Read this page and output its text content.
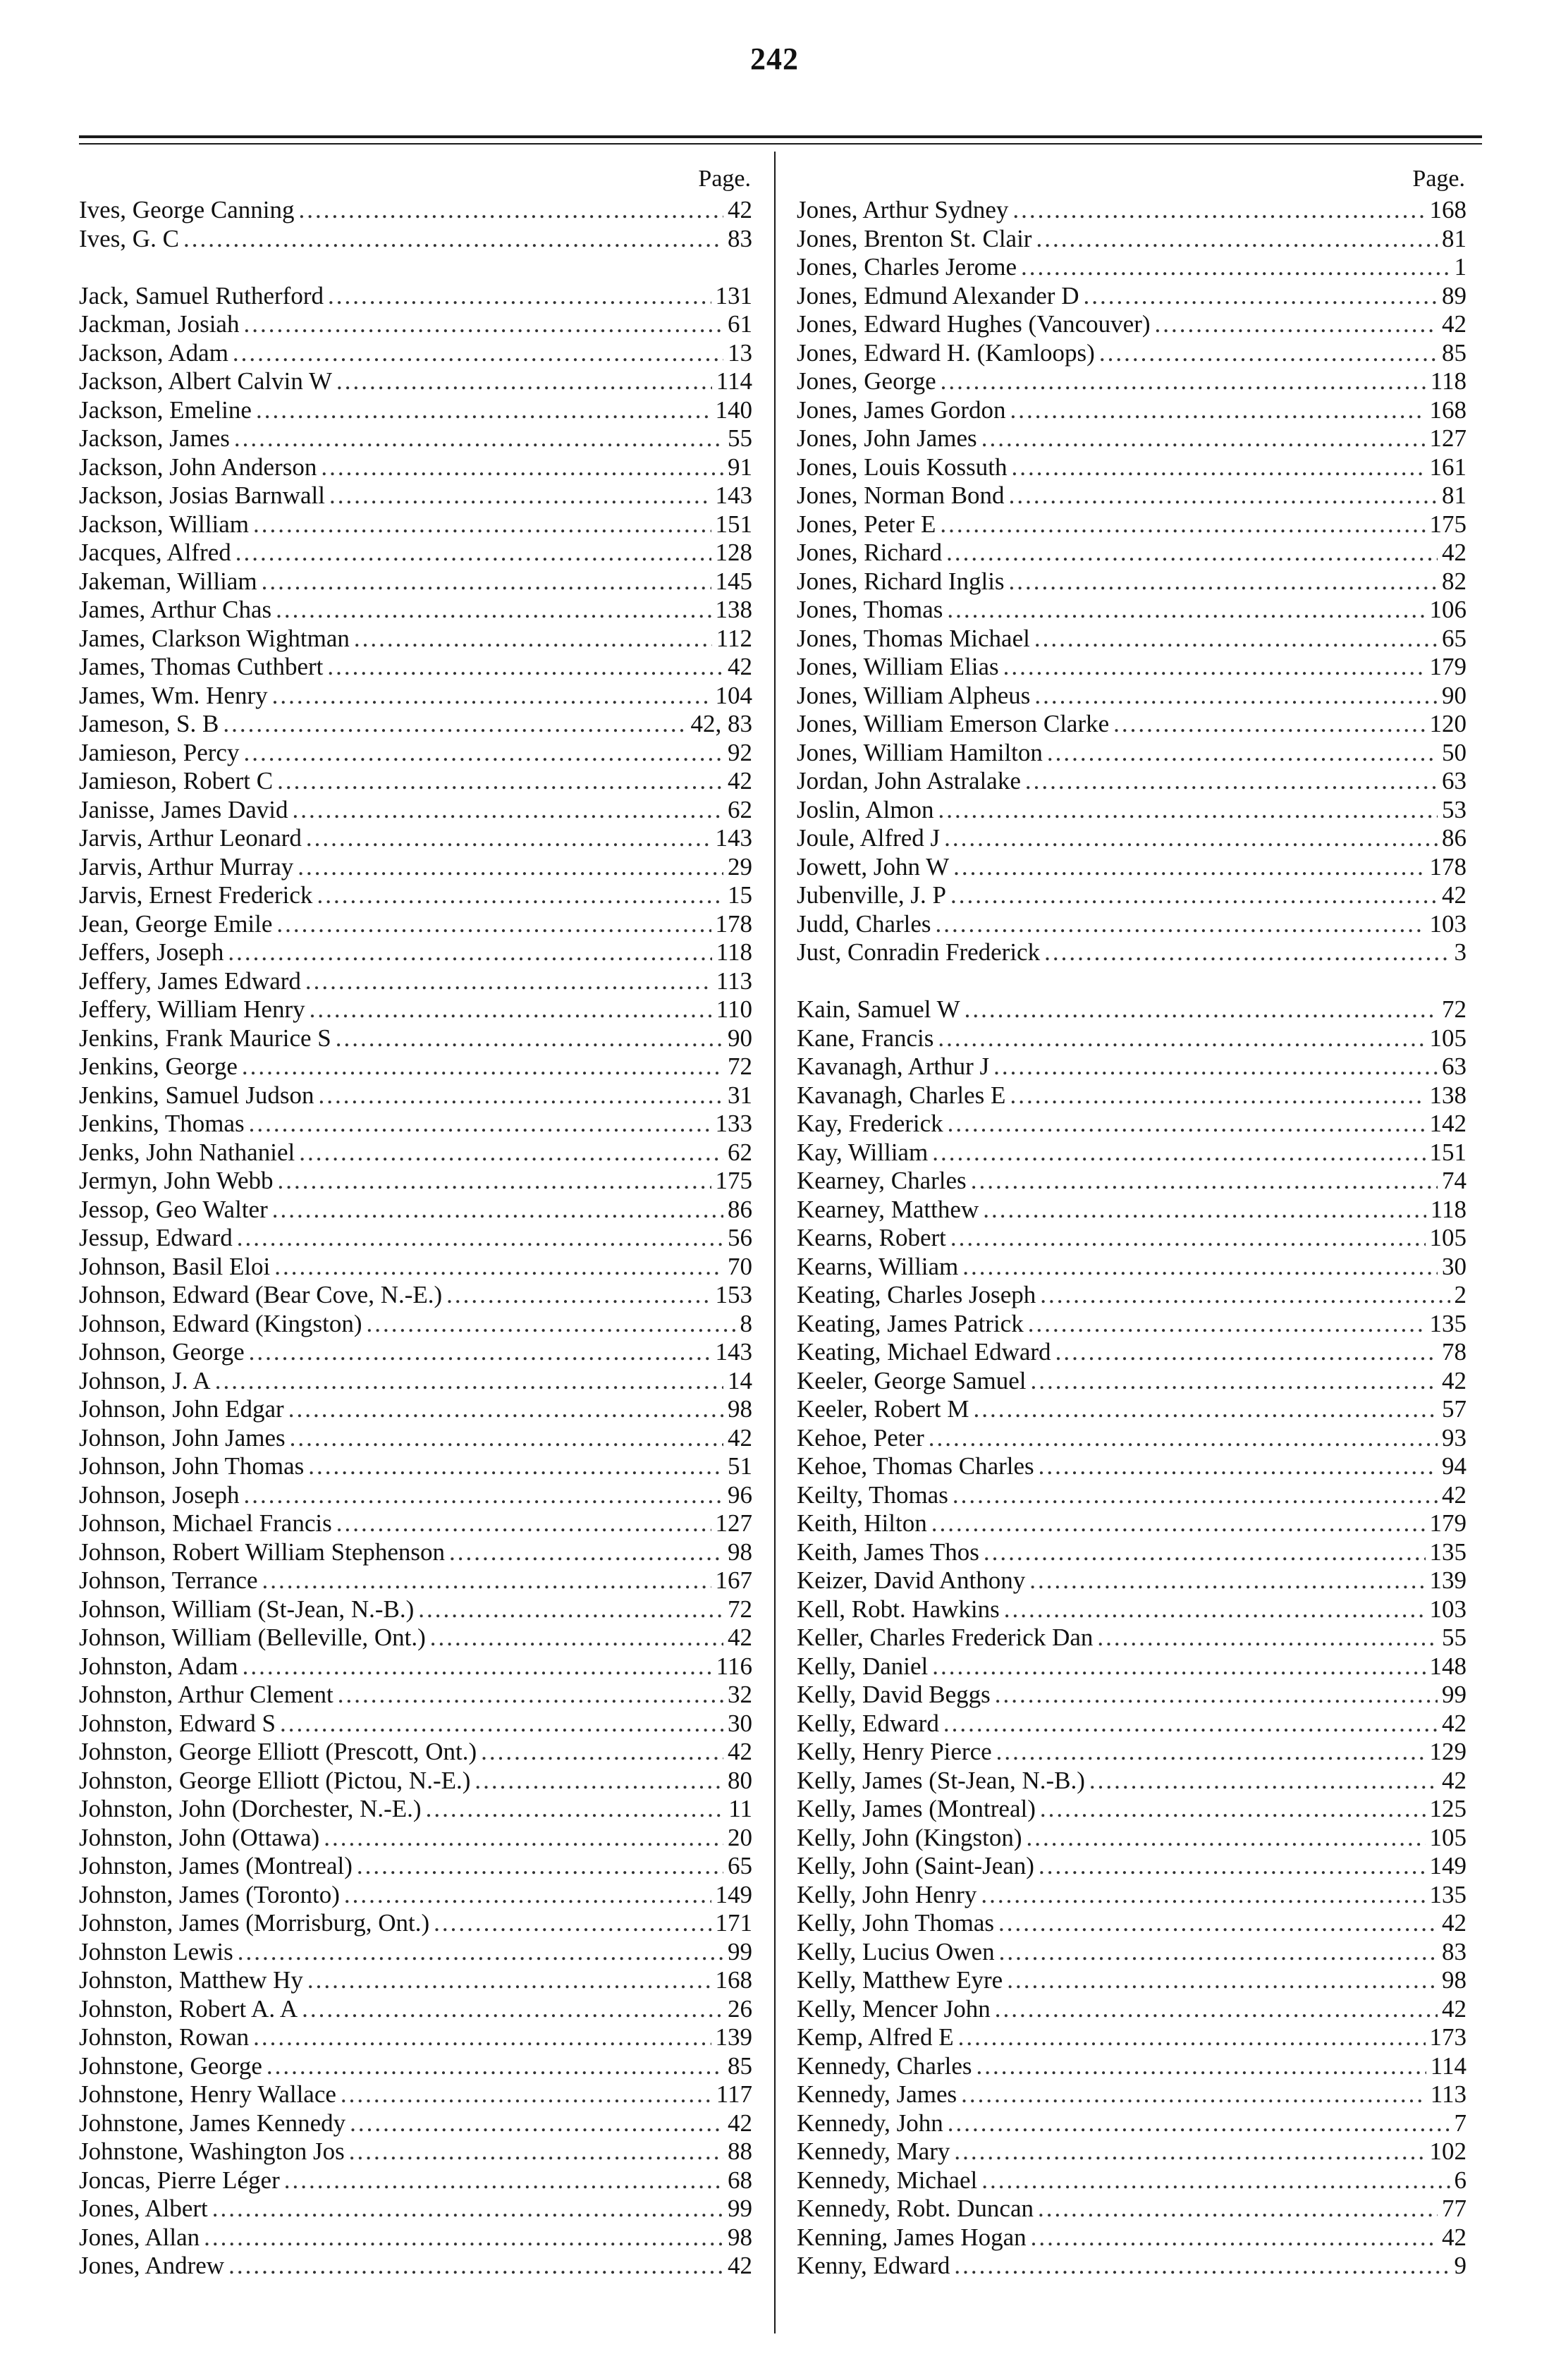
242
Page.
Ives, George Canning .....	42
Ives, G. C .....	83
Jack, Samuel Rutherford .....	131
Jackman, Josiah .....	61
Jackson, Adam .....	13
Jackson, Albert Calvin W .....	114
Jackson, Emeline .....	140
Jackson, James .....	55
Jackson, John Anderson .....	91
Jackson, Josias Barnwall .....	143
Jackson, William .....	151
Jacques, Alfred .....	128
Jakeman, William .....	145
James, Arthur Chas .....	138
James, Clarkson Wightman .....	112
James, Thomas Cuthbert .....	42
James, Wm. Henry .....	104
Jameson, S. B .....	42, 83
Jamieson, Percy .....	92
Jamieson, Robert C .....	42
Janisse, James David .....	62
Jarvis, Arthur Leonard .....	143
Jarvis, Arthur Murray .....	29
Jarvis, Ernest Frederick .....	15
Jean, George Emile .....	178
Jeffers, Joseph .....	118
Jeffery, James Edward .....	113
Jeffery, William Henry .....	110
Jenkins, Frank Maurice S .....	90
Jenkins, George .....	72
Jenkins, Samuel Judson .....	31
Jenkins, Thomas .....	133
Jenks, John Nathaniel .....	62
Jermyn, John Webb .....	175
Jessop, Geo Walter .....	86
Jessup, Edward .....	56
Johnson, Basil Eloi .....	70
Johnson, Edward (Bear Cove, N.-E.) .....	153
Johnson, Edward (Kingston) .....	8
Johnson, George .....	143
Johnson, J. A .....	14
Johnson, John Edgar .....	98
Johnson, John James .....	42
Johnson, John Thomas .....	51
Johnson, Joseph .....	96
Johnson, Michael Francis .....	127
Johnson, Robert William Stephenson .....	98
Johnson, Terrance .....	167
Johnson, William (St-Jean, N.-B.) .....	72
Johnson, William (Belleville, Ont.) .....	42
Johnston, Adam .....	116
Johnston, Arthur Clement .....	32
Johnston, Edward S .....	30
Johnston, George Elliott (Prescott, Ont.) .....	42
Johnston, George Elliott (Pictou, N.-E.) .....	80
Johnston, John (Dorchester, N.-E.) .....	11
Johnston, John (Ottawa) .....	20
Johnston, James (Montreal) .....	65
Johnston, James (Toronto) .....	149
Johnston, James (Morrisburg, Ont.) .....	171
Johnston Lewis .....	99
Johnston, Matthew Hy .....	168
Johnston, Robert A. A .....	26
Johnston, Rowan .....	139
Johnstone, George .....	85
Johnstone, Henry Wallace .....	117
Johnstone, James Kennedy .....	42
Johnstone, Washington Jos .....	88
Joncas, Pierre Léger .....	68
Jones, Albert .....	99
Jones, Allan .....	98
Jones, Andrew .....	42
Page.
Jones, Arthur Sydney .....	168
Jones, Brenton St. Clair .....	81
Jones, Charles Jerome .....	1
Jones, Edmund Alexander D .....	89
Jones, Edward Hughes (Vancouver) .....	42
Jones, Edward H. (Kamloops) .....	85
Jones, George .....	118
Jones, James Gordon .....	168
Jones, John James .....	127
Jones, Louis Kossuth .....	161
Jones, Norman Bond .....	81
Jones, Peter E .....	175
Jones, Richard .....	42
Jones, Richard Inglis .....	82
Jones, Thomas .....	106
Jones, Thomas Michael .....	65
Jones, William Elias .....	179
Jones, William Alpheus .....	90
Jones, William Emerson Clarke .....	120
Jones, William Hamilton .....	50
Jordan, John Astralake .....	63
Joslin, Almon .....	53
Joule, Alfred J .....	86
Jowett, John W .....	178
Jubenville, J. P .....	42
Judd, Charles .....	103
Just, Conradin Frederick .....	3
Kain, Samuel W .....	72
Kane, Francis .....	105
Kavanagh, Arthur J .....	63
Kavanagh, Charles E .....	138
Kay, Frederick .....	142
Kay, William .....	151
Kearney, Charles .....	74
Kearney, Matthew .....	118
Kearns, Robert .....	105
Kearns, William .....	30
Keating, Charles Joseph .....	2
Keating, James Patrick .....	135
Keating, Michael Edward .....	78
Keeler, George Samuel .....	42
Keeler, Robert M .....	57
Kehoe, Peter .....	93
Kehoe, Thomas Charles .....	94
Keilty, Thomas .....	42
Keith, Hilton .....	179
Keith, James Thos .....	135
Keizer, David Anthony .....	139
Kell, Robt. Hawkins .....	103
Keller, Charles Frederick Dan .....	55
Kelly, Daniel .....	148
Kelly, David Beggs .....	99
Kelly, Edward .....	42
Kelly, Henry Pierce .....	129
Kelly, James (St-Jean, N.-B.) .....	42
Kelly, James (Montreal) .....	125
Kelly, John (Kingston) .....	105
Kelly, John (Saint-Jean) .....	149
Kelly, John Henry .....	135
Kelly, John Thomas .....	42
Kelly, Lucius Owen .....	83
Kelly, Matthew Eyre .....	98
Kelly, Mencer John .....	42
Kemp, Alfred E .....	173
Kennedy, Charles .....	114
Kennedy, James .....	113
Kennedy, John .....	7
Kennedy, Mary .....	102
Kennedy, Michael .....	6
Kennedy, Robt. Duncan .....	77
Kenning, James Hogan .....	42
Kenny, Edward .....	9
